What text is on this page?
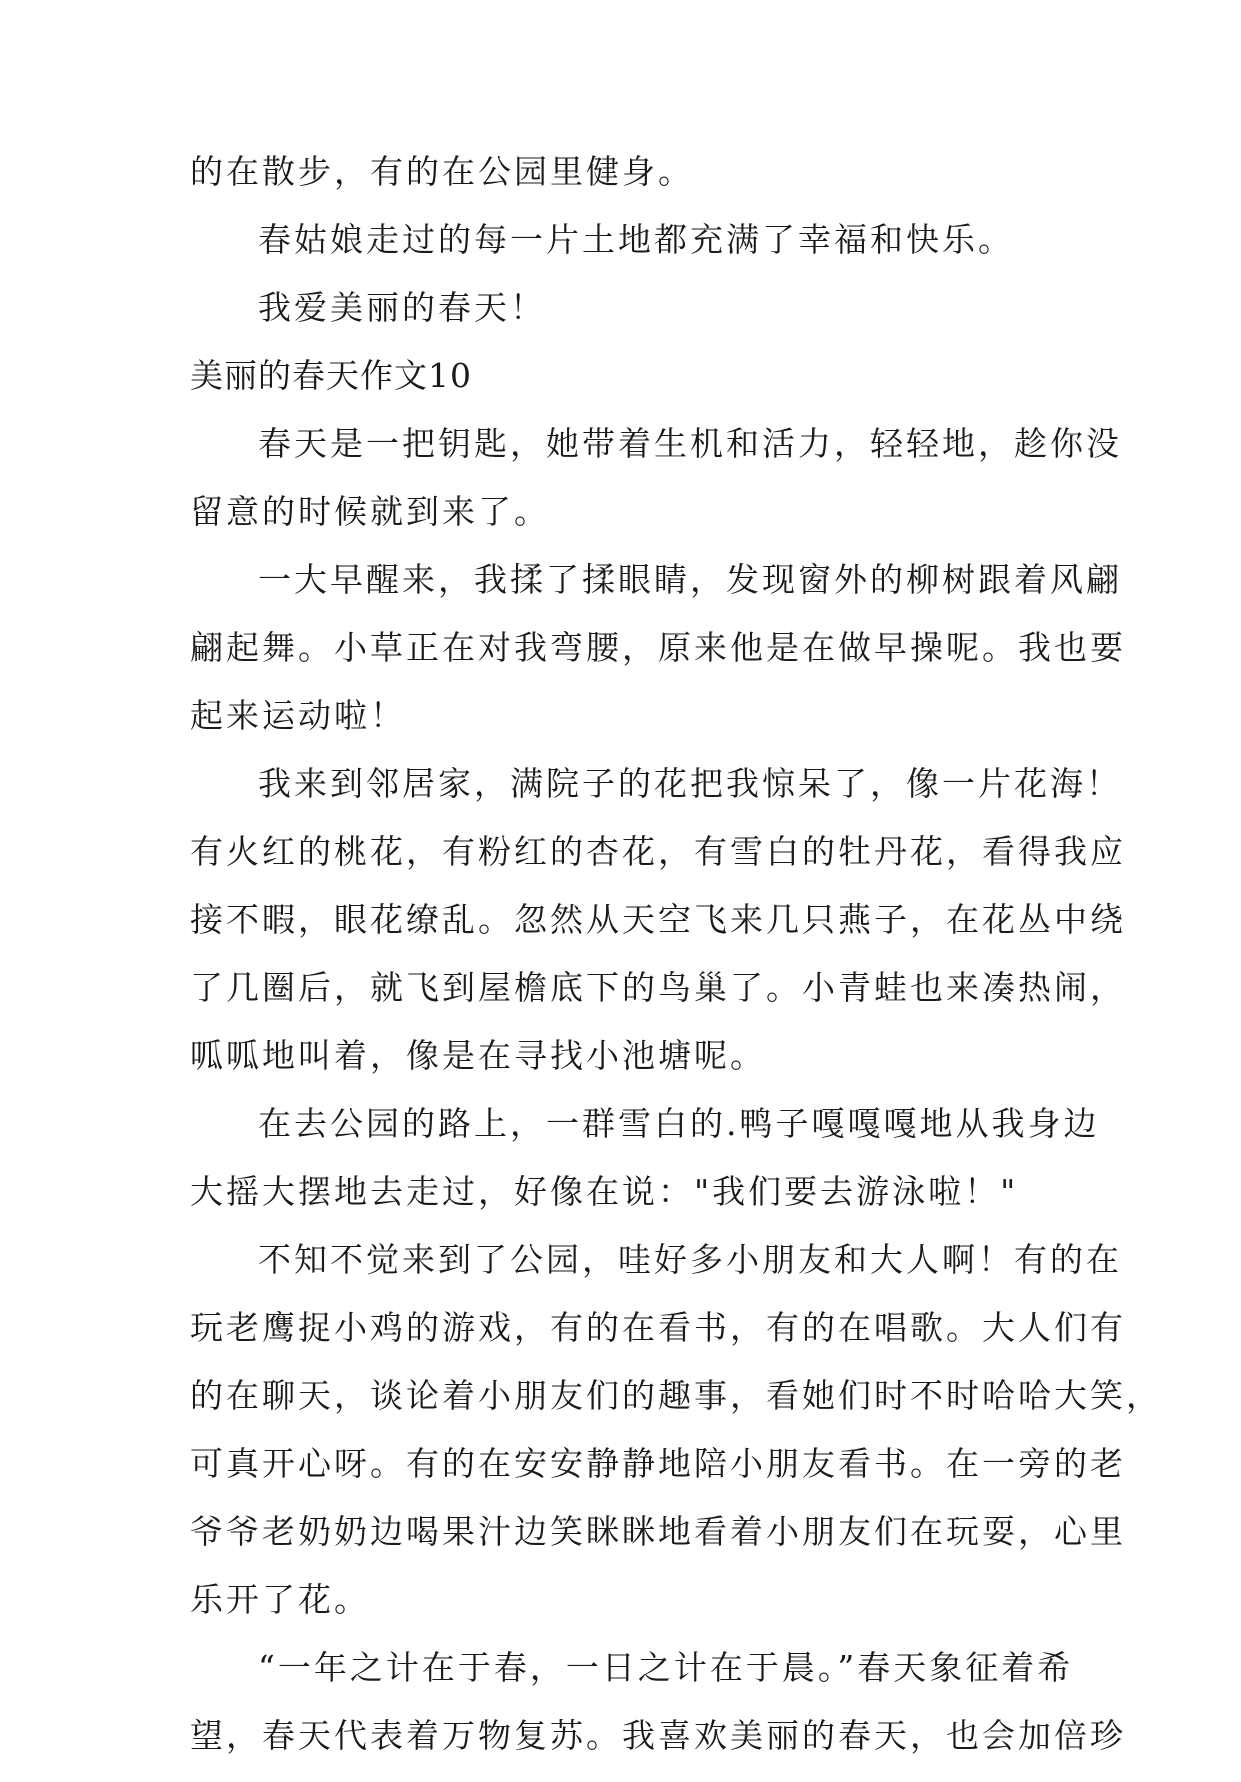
的在散步，有的在公园里健身。
春姑娘走过的每一片土地都充满了幸福和快乐。
我爱美丽的春天！
美丽的春天作文10
春天是一把钥匙，她带着生机和活力，轻轻地，趁你没
留意的时候就到来了。
一大早醒来，我揉了揉眼睛，发现窗外的柳树跟着风翩
翩起舞。小草正在对我弯腰，原来他是在做早操呢。我也要
起来运动啦！
我来到邻居家，满院子的花把我惊呆了，像一片花海！
有火红的桃花，有粉红的杏花，有雪白的牡丹花，看得我应
接不暇，眼花缭乱。忽然从天空飞来几只燕子，在花丛中绕
了几圈后，就飞到屋檐底下的鸟巢了。小青蛙也来凑热闹，
呱呱地叫着，像是在寻找小池塘呢。
在去公园的路上，一群雪白的.鸭子嘎嘎嘎地从我身边
大摇大摆地去走过，好像在说："我们要去游泳啦！"
不知不觉来到了公园，哇好多小朋友和大人啊！有的在
玩老鹰捉小鸡的游戏，有的在看书，有的在唱歌。大人们有
的在聊天，谈论着小朋友们的趣事，看她们时不时哈哈大笑，
可真开心呀。有的在安安静静地陪小朋友看书。在一旁的老
爷爷老奶奶边喝果汁边笑眯眯地看着小朋友们在玩耍，心里
乐开了花。
“一年之计在于春，一日之计在于晨。”春天象征着希
望，春天代表着万物复苏。我喜欢美丽的春天，也会加倍珍
